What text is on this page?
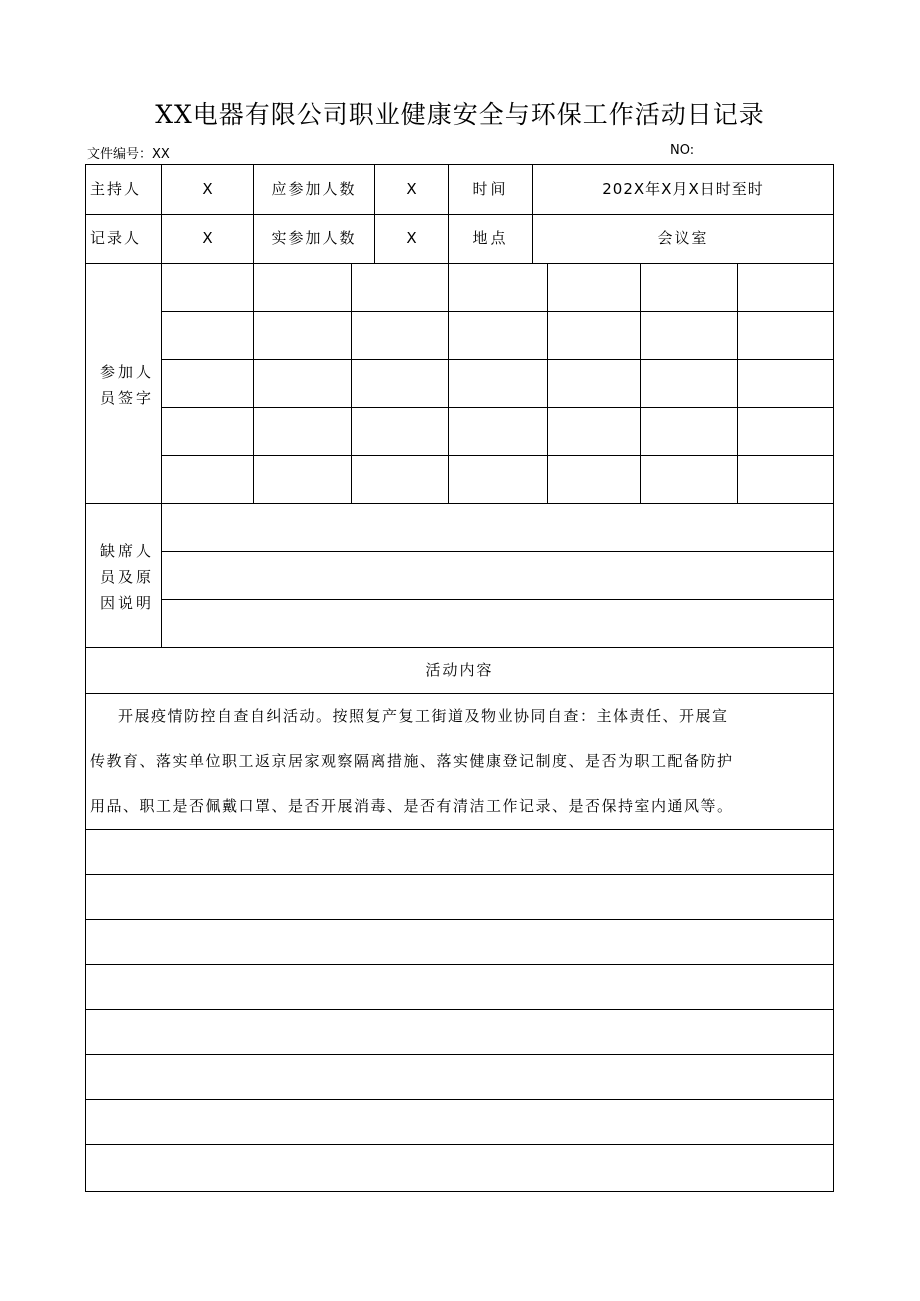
XX电器有限公司职业健康安全与环保工作活动日记录
文件编号：XX	NO:
主持人	X	应参加人数	X	时间	202X年X月X日时至时
记录人	X	实参加人数	X	地点	会议室
参加人员签字
缺席人员及原因说明
活动内容
开展疫情防控自查自纠活动。按照复产复工街道及物业协同自查：主体责任、开展宣
传教育、落实单位职工返京居家观察隔离措施、落实健康登记制度、是否为职工配备防护
用品、职工是否佩戴口罩、是否开展消毒、是否有清洁工作记录、是否保持室内通风等。
